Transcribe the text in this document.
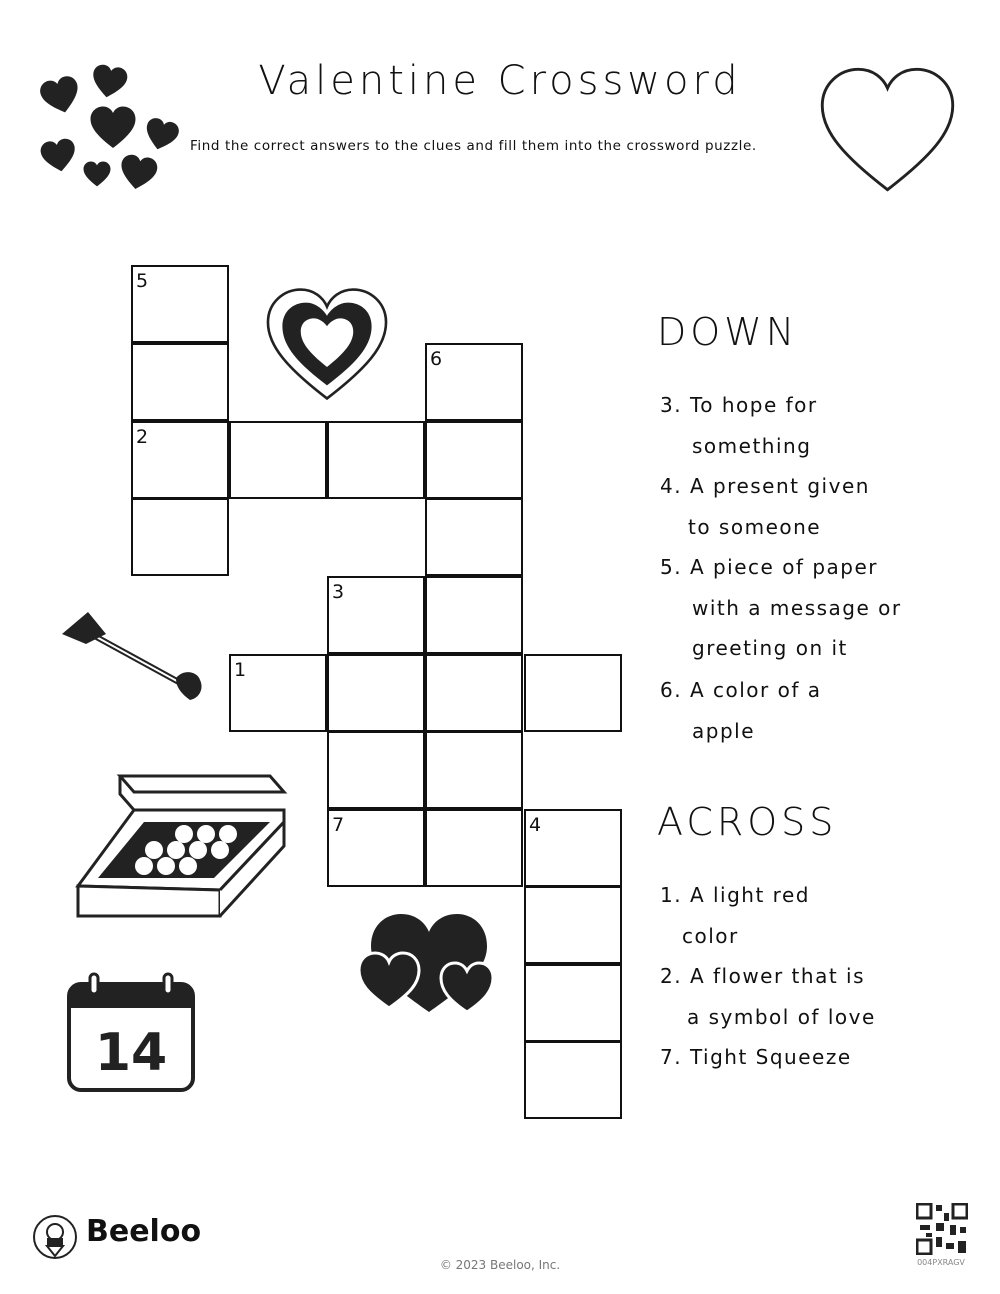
Valentine Crossword
Find the correct answers to the clues and fill them into the crossword puzzle.
5
6
2
3
1
7	4
14
DOWN
3. To hope for
something
4. A present given
to someone
5. A piece of paper
with a message or
greeting on it
6. A color of a
apple
ACROSS
1. A light red
color
2. A flower that is
a symbol of love
7. Tight Squeeze
Beeloo
© 2023 Beeloo, Inc.	004PXRAGV
